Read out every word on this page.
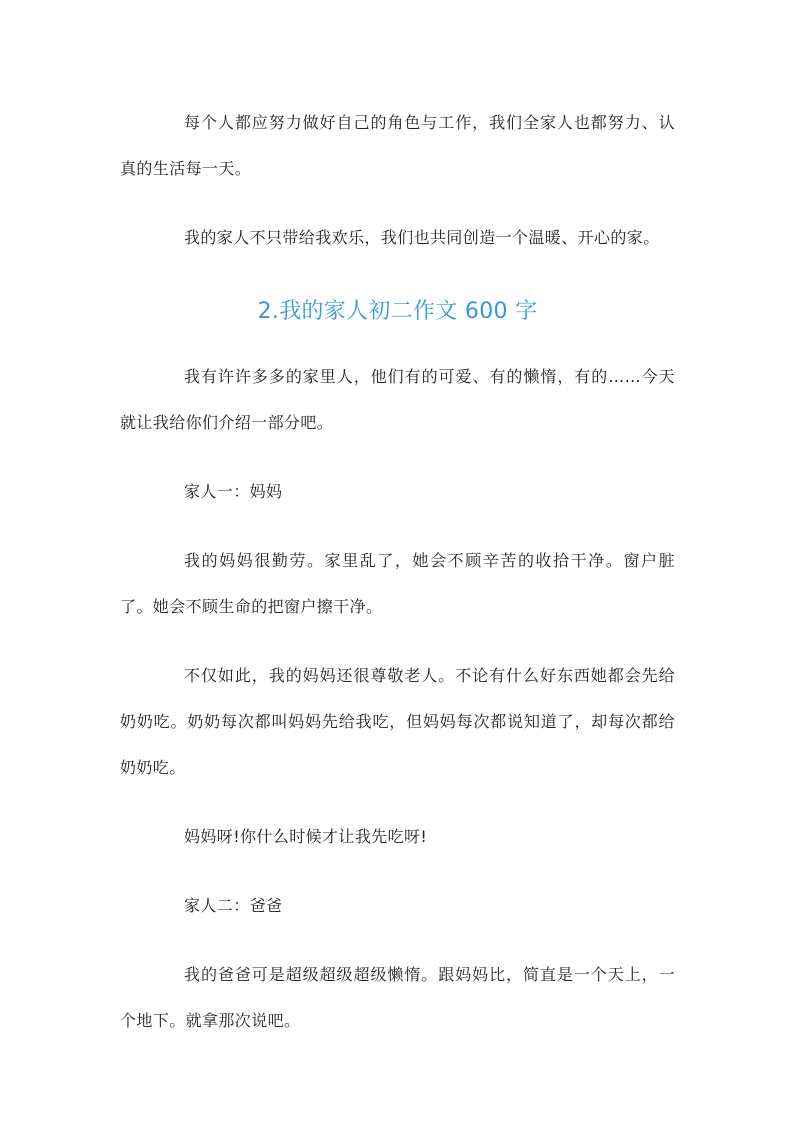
每个人都应努力做好自己的角色与工作，我们全家人也都努力、认真的生活每一天。

我的家人不只带给我欢乐，我们也共同创造一个温暖、开心的家。

2.我的家人初二作文 600 字

我有许许多多的家里人，他们有的可爱、有的懒惰，有的……今天就让我给你们介绍一部分吧。

家人一：妈妈

我的妈妈很勤劳。家里乱了，她会不顾辛苦的收拾干净。窗户脏了。她会不顾生命的把窗户擦干净。

不仅如此，我的妈妈还很尊敬老人。不论有什么好东西她都会先给奶奶吃。奶奶每次都叫妈妈先给我吃，但妈妈每次都说知道了，却每次都给奶奶吃。

妈妈呀!你什么时候才让我先吃呀!

家人二：爸爸

我的爸爸可是超级超级超级懒惰。跟妈妈比，简直是一个天上，一个地下。就拿那次说吧。
